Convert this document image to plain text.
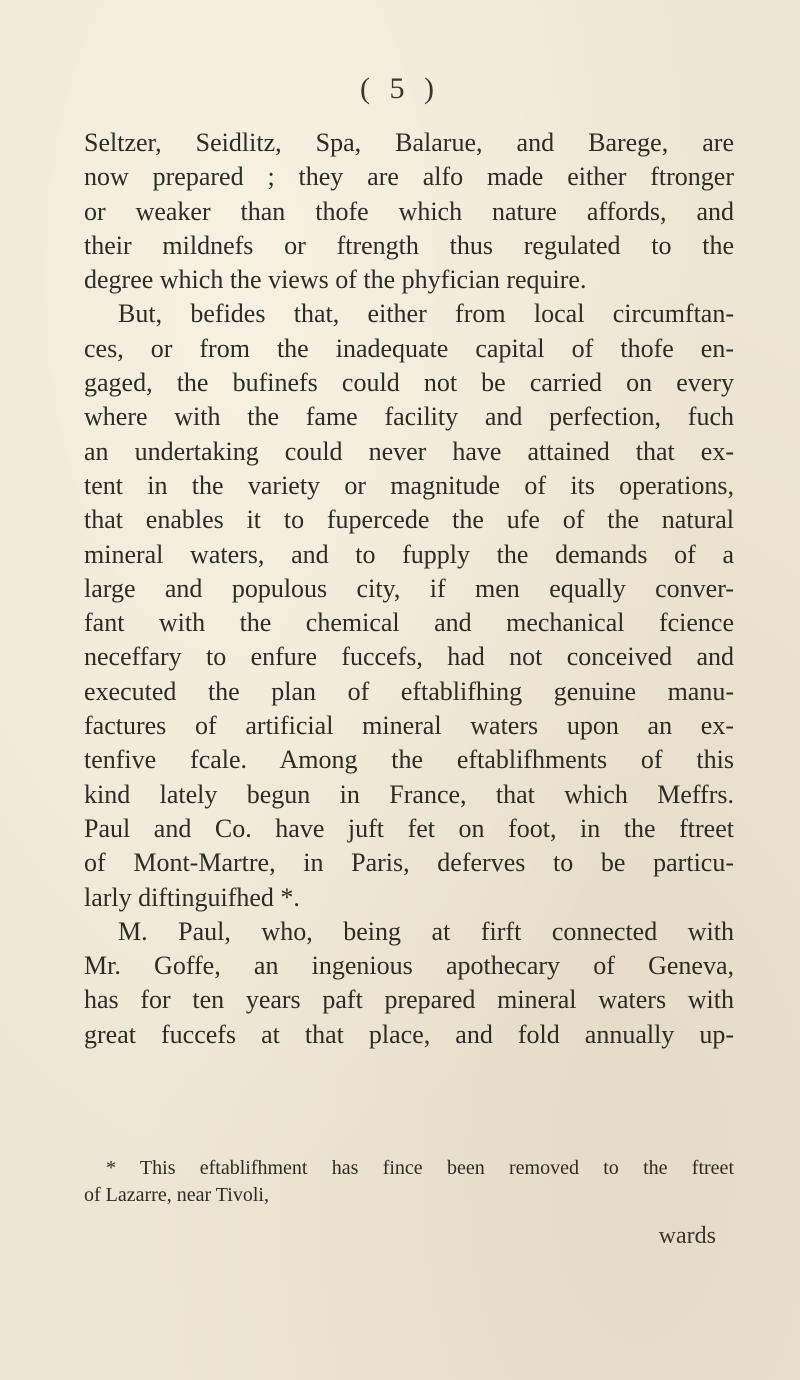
( 5 )
Seltzer, Seidlitz, Spa, Balarue, and Barege, are
now prepared ; they are alfo made either ftronger
or weaker than thofe which nature affords, and
their mildnefs or ftrength thus regulated to the
degree which the views of the phyfician require.
But, befides that, either from local circumftan-
ces, or from the inadequate capital of thofe en-
gaged, the bufinefs could not be carried on every
where with the fame facility and perfection, fuch
an undertaking could never have attained that ex-
tent in the variety or magnitude of its operations,
that enables it to fupercede the ufe of the natural
mineral waters, and to fupply the demands of a
large and populous city, if men equally conver-
fant with the chemical and mechanical fcience
neceffary to enfure fuccefs, had not conceived and
executed the plan of eftablifhing genuine manu-
factures of artificial mineral waters upon an ex-
tenfive fcale. Among the eftablifhments of this
kind lately begun in France, that which Meffrs.
Paul and Co. have juft fet on foot, in the ftreet
of Mont-Martre, in Paris, deferves to be particu-
larly diftinguifhed *.
M. Paul, who, being at firft connected with
Mr. Goffe, an ingenious apothecary of Geneva,
has for ten years paft prepared mineral waters with
great fuccefs at that place, and fold annually up-
* This eftablifhment has fince been removed to the ftreet
of Lazarre, near Tivoli,
wards
